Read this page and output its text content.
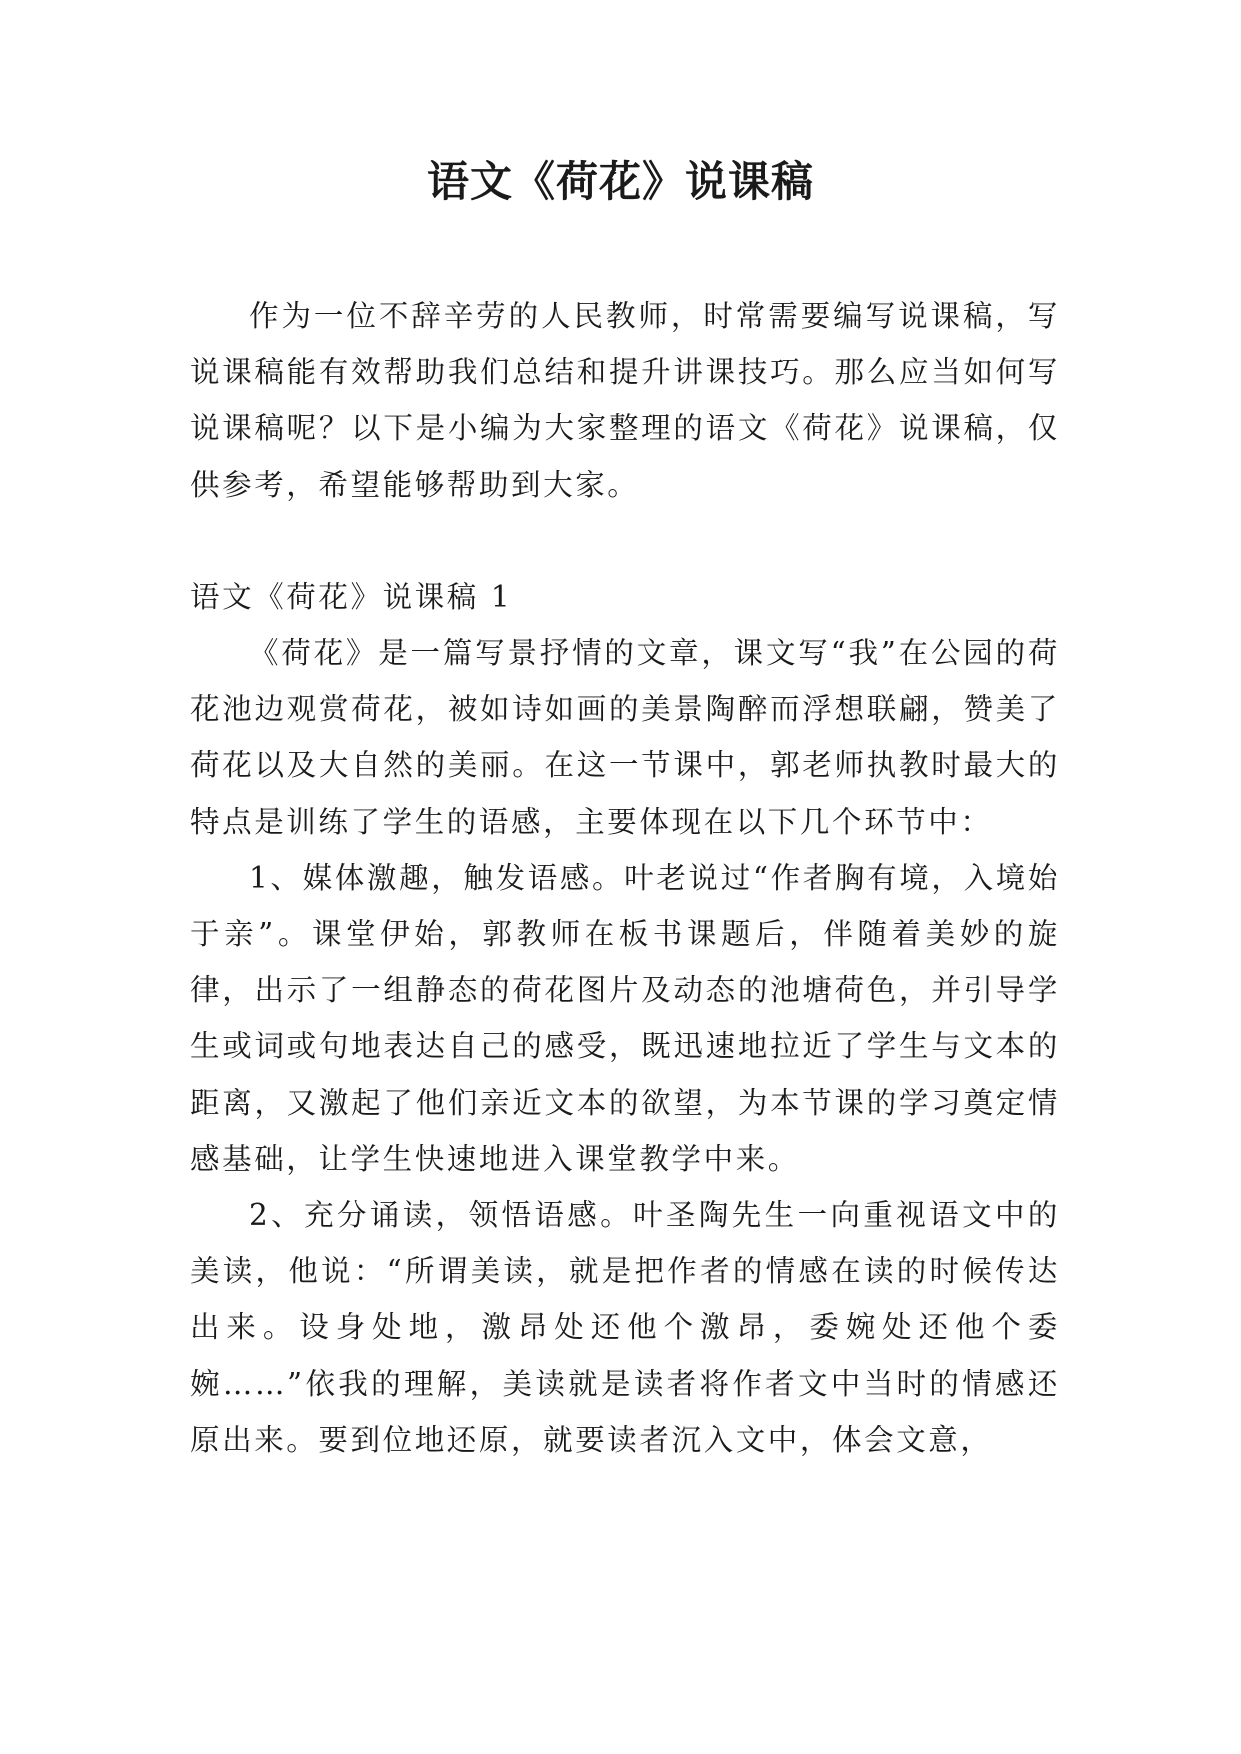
语文《荷花》说课稿

作为一位不辞辛劳的人民教师，时常需要编写说课稿，写说课稿能有效帮助我们总结和提升讲课技巧。那么应当如何写说课稿呢？以下是小编为大家整理的语文《荷花》说课稿，仅供参考，希望能够帮助到大家。

语文《荷花》说课稿 1

《荷花》是一篇写景抒情的文章，课文写“我”在公园的荷花池边观赏荷花，被如诗如画的美景陶醉而浮想联翩，赞美了荷花以及大自然的美丽。在这一节课中，郭老师执教时最大的特点是训练了学生的语感，主要体现在以下几个环节中：

1、媒体激趣，触发语感。叶老说过“作者胸有境，入境始于亲”。课堂伊始，郭教师在板书课题后，伴随着美妙的旋律，出示了一组静态的荷花图片及动态的池塘荷色，并引导学生或词或句地表达自己的感受，既迅速地拉近了学生与文本的距离，又激起了他们亲近文本的欲望，为本节课的学习奠定情感基础，让学生快速地进入课堂教学中来。

2、充分诵读，领悟语感。叶圣陶先生一向重视语文中的美读，他说：“所谓美读，就是把作者的情感在读的时候传达出来。设身处地，激昂处还他个激昂，委婉处还他个委婉……”依我的理解，美读就是读者将作者文中当时的情感还原出来。要到位地还原，就要读者沉入文中，体会文意，
